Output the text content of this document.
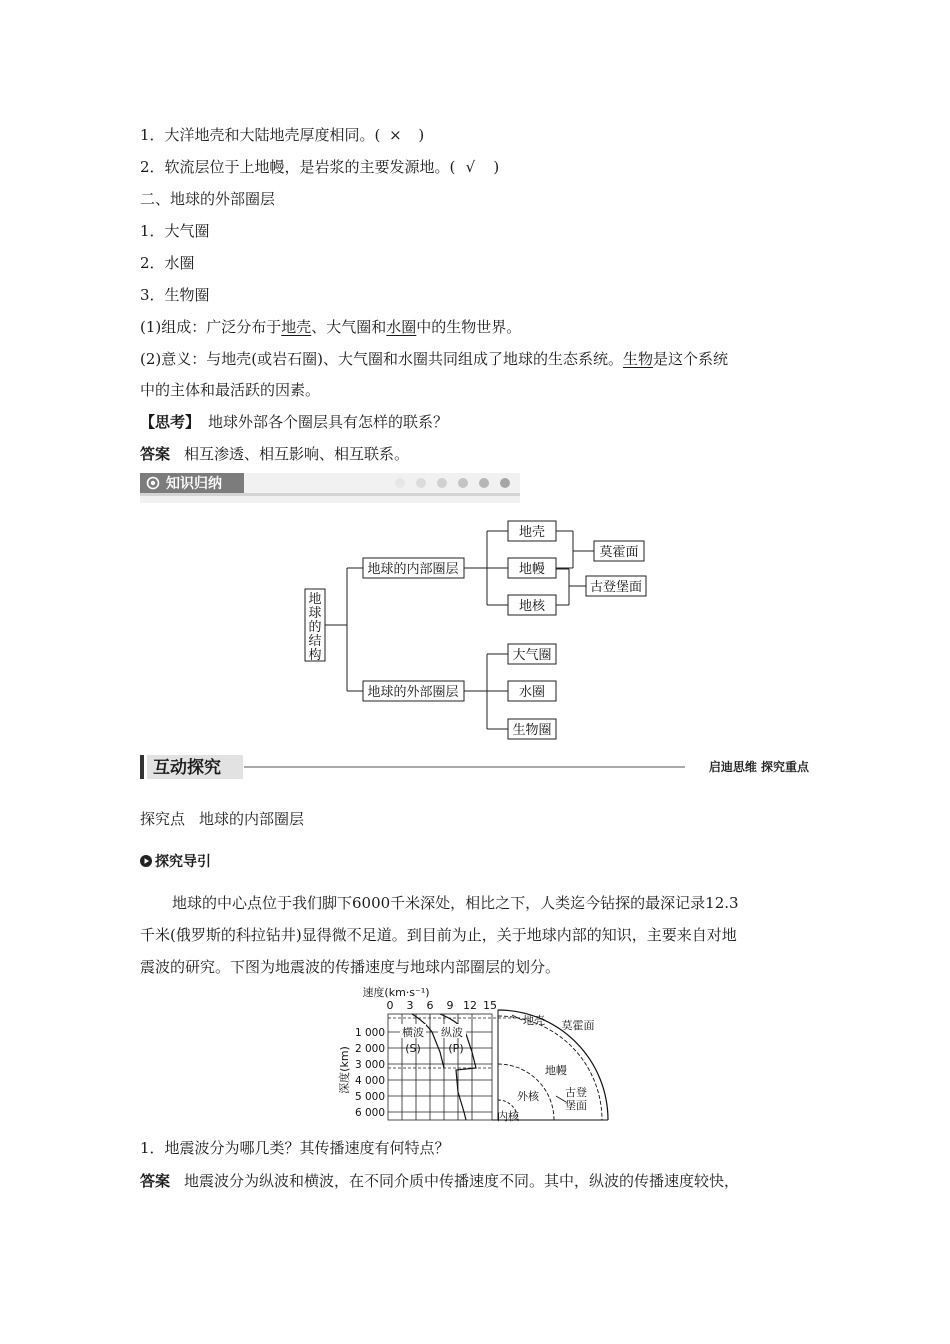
1．大洋地壳和大陆地壳厚度相同。( × )
2．软流层位于上地幔，是岩浆的主要发源地。( √ )
二、地球的外部圈层
1．大气圈
2．水圈
3．生物圈
(1)组成：广泛分布于地壳、大气圈和水圈中的生物世界。
(2)意义：与地壳(或岩石圈)、大气圈和水圈共同组成了地球的生态系统。生物是这个系统
中的主体和最活跃的因素。
【思考】 地球外部各个圈层具有怎样的联系？
答案 相互渗透、相互影响、相互联系。
知识归纳
地球的结构
地球的内部圈层
地球的外部圈层
地壳
地幔
地核
莫霍面
古登堡面
大气圈
水圈
生物圈
互动探究	启迪思维 探究重点
探究点 地球的内部圈层
探究导引
地球的中心点位于我们脚下6000千米深处，相比之下，人类迄今钻探的最深记录12.3
千米(俄罗斯的科拉钻井)显得微不足道。到目前为止，关于地球内部的知识，主要来自对地
震波的研究。下图为地震波的传播速度与地球内部圈层的划分。
速度(km·s⁻¹)
0 3 6 9 12 15
1 000
2 000
3 000
4 000
5 000
6 000
深度(km)
横波
(S)
纵波
(P)
地壳 莫霍面
地幔
外核
内核
古登
堡面
1．地震波分为哪几类？其传播速度有何特点？
答案 地震波分为纵波和横波，在不同介质中传播速度不同。其中，纵波的传播速度较快，
